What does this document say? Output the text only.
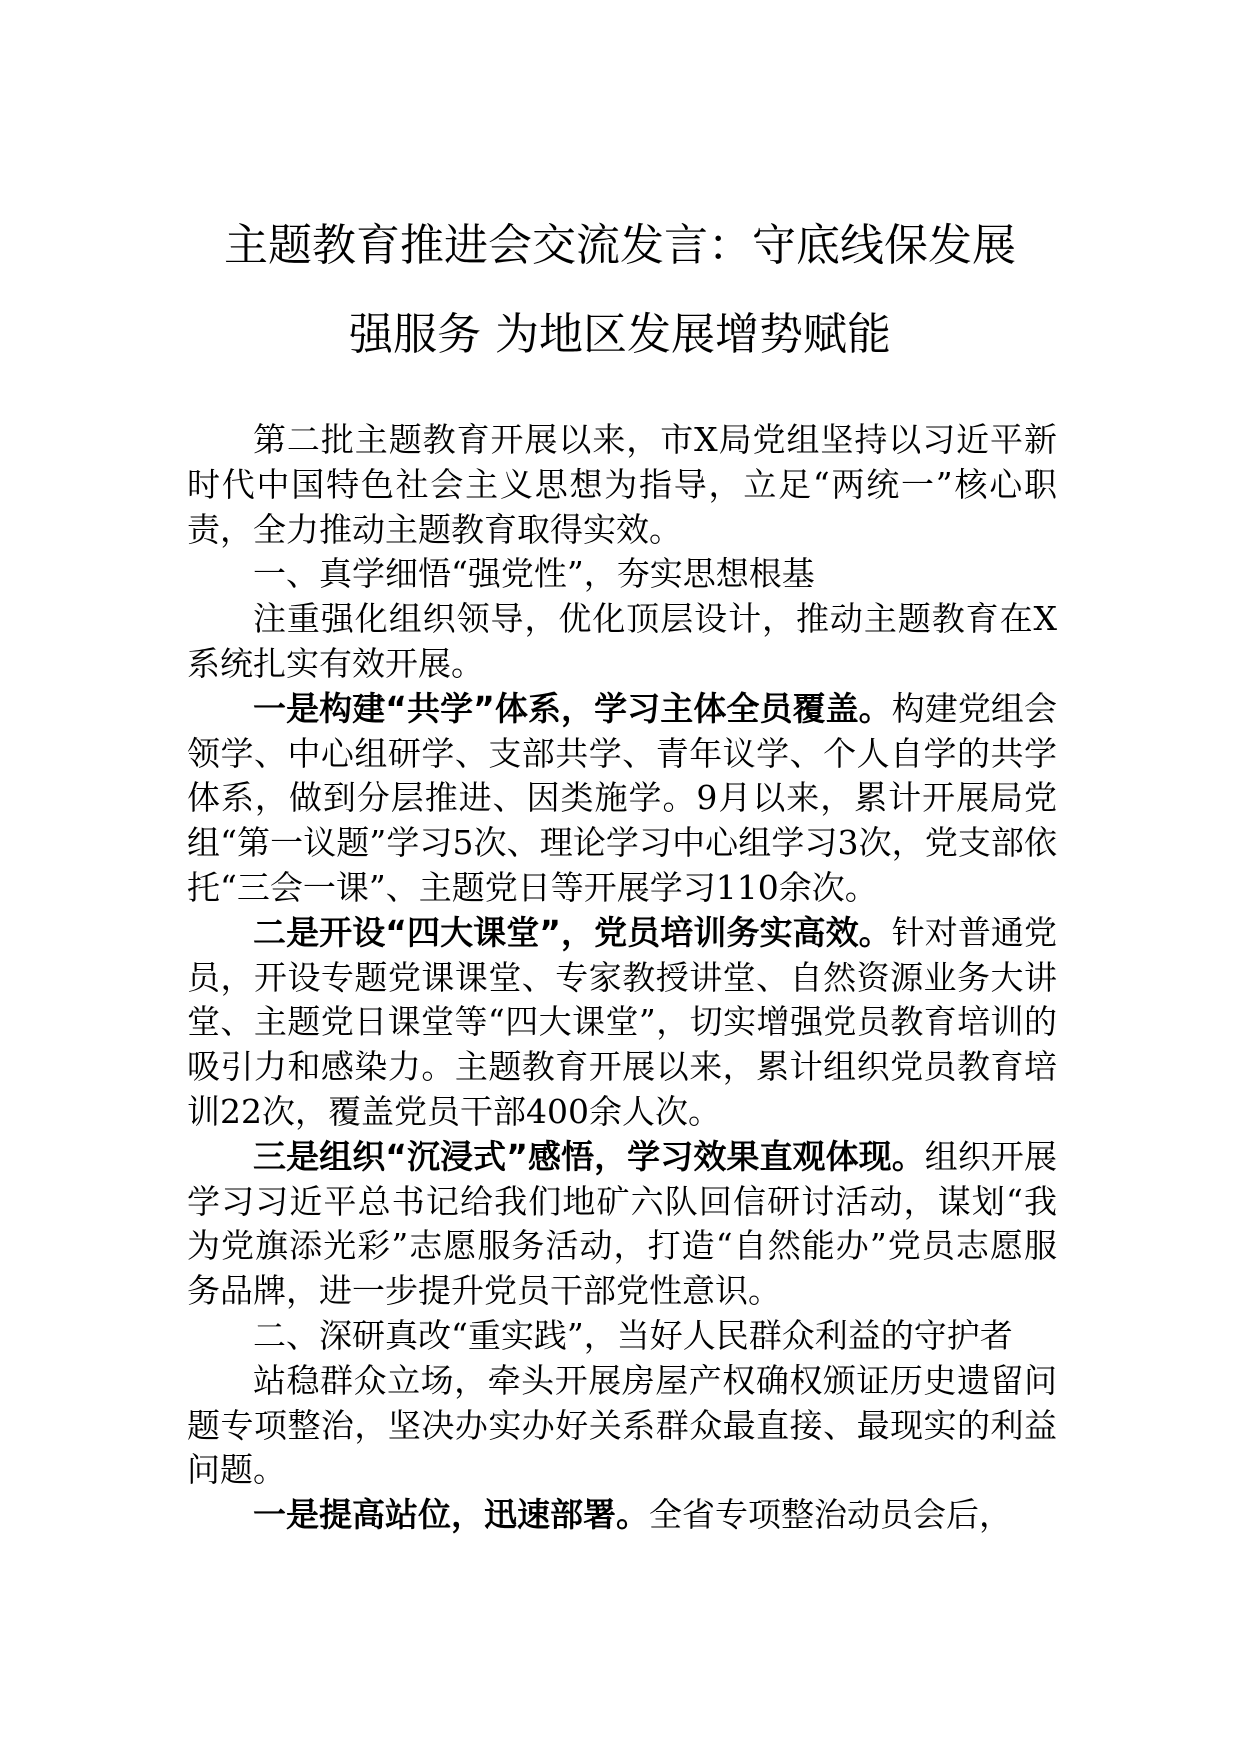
主题教育推进会交流发言：守底线保发展
强服务 为地区发展增势赋能

第二批主题教育开展以来，市X局党组坚持以习近平新时代中国特色社会主义思想为指导，立足“两统一”核心职责，全力推动主题教育取得实效。

一、真学细悟“强党性”，夯实思想根基

注重强化组织领导，优化顶层设计，推动主题教育在X系统扎实有效开展。

一是构建“共学”体系，学习主体全员覆盖。构建党组会领学、中心组研学、支部共学、青年议学、个人自学的共学体系，做到分层推进、因类施学。9月以来，累计开展局党组“第一议题”学习5次、理论学习中心组学习3次，党支部依托“三会一课”、主题党日等开展学习110余次。

二是开设“四大课堂”，党员培训务实高效。针对普通党员，开设专题党课课堂、专家教授讲堂、自然资源业务大讲堂、主题党日课堂等“四大课堂”，切实增强党员教育培训的吸引力和感染力。主题教育开展以来，累计组织党员教育培训22次，覆盖党员干部400余人次。

三是组织“沉浸式”感悟，学习效果直观体现。组织开展学习习近平总书记给我们地矿六队回信研讨活动，谋划“我为党旗添光彩”志愿服务活动，打造“自然能办”党员志愿服务品牌，进一步提升党员干部党性意识。

二、深研真改“重实践”，当好人民群众利益的守护者

站稳群众立场，牵头开展房屋产权确权颁证历史遗留问题专项整治，坚决办实办好关系群众最直接、最现实的利益问题。

一是提高站位，迅速部署。全省专项整治动员会后，
